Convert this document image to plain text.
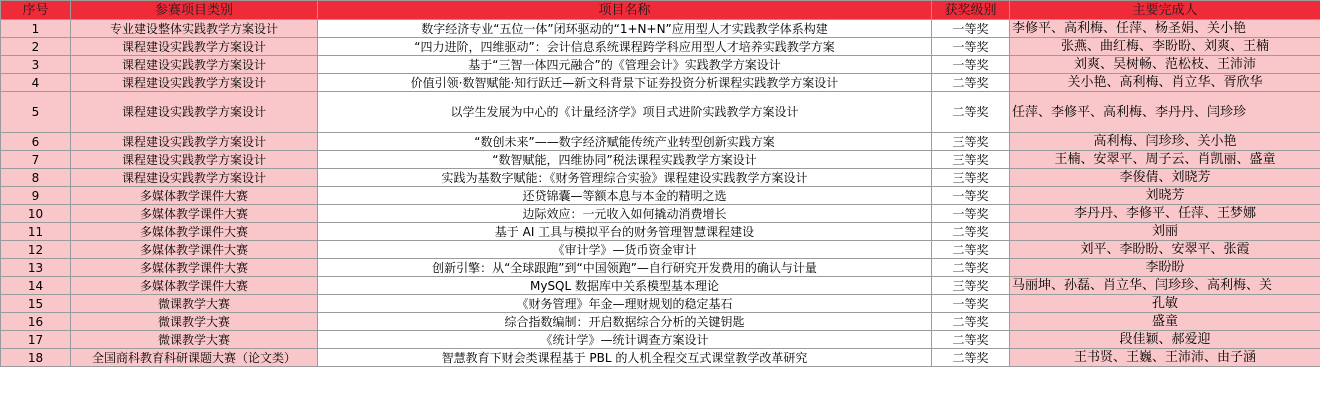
序号	参赛项目类别	项目名称	获奖级别	主要完成人
1	专业建设整体实践教学方案设计	数字经济专业“五位一体”闭环驱动的“1+N+N”应用型人才实践教学体系构建	一等奖	李修平、高利梅、任萍、杨圣娟、关小艳
2	课程建设实践教学方案设计	“四力进阶，四维驱动”：会计信息系统课程跨学科应用型人才培养实践教学方案	一等奖	张燕、曲红梅、李盼盼、刘爽、王楠
3	课程建设实践教学方案设计	基于“三智一体四元融合”的《管理会计》实践教学方案设计	一等奖	刘爽、吴树畅、范松枝、王沛沛
4	课程建设实践教学方案设计	价值引领·数智赋能·知行跃迁—新文科背景下证券投资分析课程实践教学方案设计	二等奖	关小艳、高利梅、肖立华、胥欣华
5	课程建设实践教学方案设计	以学生发展为中心的《计量经济学》项目式进阶实践教学方案设计	二等奖	任萍、李修平、高利梅、李丹丹、闫珍珍
6	课程建设实践教学方案设计	“数创未来”——数字经济赋能传统产业转型创新实践方案	三等奖	高利梅、闫珍珍、关小艳
7	课程建设实践教学方案设计	“数智赋能，四维协同”税法课程实践教学方案设计	三等奖	王楠、安翠平、周子云、肖凯丽、盛童
8	课程建设实践教学方案设计	实践为基数字赋能：《财务管理综合实验》课程建设实践教学方案设计	三等奖	李俊倩、刘晓芳
9	多媒体教学课件大赛	还贷锦囊—等额本息与本金的精明之选	一等奖	刘晓芳
10	多媒体教学课件大赛	边际效应：一元收入如何撬动消费增长	一等奖	李丹丹、李修平、任萍、王梦娜
11	多媒体教学课件大赛	基于 AI 工具与模拟平台的财务管理智慧课程建设	二等奖	刘丽
12	多媒体教学课件大赛	《审计学》—货币资金审计	二等奖	刘平、李盼盼、安翠平、张霞
13	多媒体教学课件大赛	创新引擎：从“全球跟跑”到“中国领跑”—自行研究开发费用的确认与计量	二等奖	李盼盼
14	多媒体教学课件大赛	MySQL 数据库中关系模型基本理论	三等奖	马丽坤、孙磊、肖立华、闫珍珍、高利梅、关
15	微课教学大赛	《财务管理》年金—理财规划的稳定基石	一等奖	孔敏
16	微课教学大赛	综合指数编制：开启数据综合分析的关键钥匙	二等奖	盛童
17	微课教学大赛	《统计学》—统计调查方案设计	二等奖	段佳颖、郝爱迎
18	全国商科教育科研课题大赛（论文类）	智慧教育下财会类课程基于 PBL 的人机全程交互式课堂教学改革研究	二等奖	王书贤、王巍、王沛沛、由子涵
